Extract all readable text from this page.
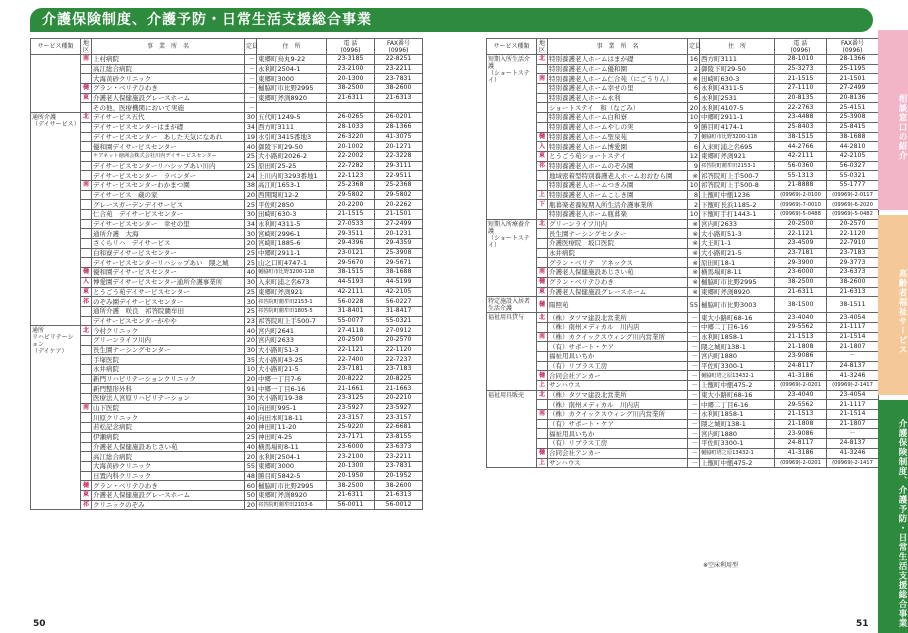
介護保険制度、介護予防・日常生活支援総合事業
サービス種類	地区	事　業　所　名	定員	住　所	電 話
(0996)	FAX番号
(0996)
	南	上村病院	－	東郷町鳥丸9-22	23-3185	22-8251
		高江総合病院	－	永利町2504-1	23-2100	23-2211
		大海黄砂クリニック	－	東郷町3000	20-1300	23-7831
	樋	グラン・ベリテひわき	－	樋脇町市比野2995	38-2500	38-2600
	東	介護老人保健施設グレースホーム	－	東郷町斧渕8920	21-6311	21-6313
		その他、医療機関において実施	－			
通所介護
（デイサービス）	北	デイサービス五代	30	五代町1249-5	26-0265	26-0201
		デイサービスセンターはまが礎	34	西方町3111	28-1033	28-1366
		デイサービスセンター　あした天気になあれ	19	水引町3415番地3	26-3220	41-3075
		優和園デイサービスセンター	40	御陵下町29-50	20-1002	20-1271
		ケアネット徳洲会株式会社川内デイサービスセンター	25	大小路町2026-2	22-2002	22-3228
		デイサービスセンターリハシップあい川内	25	原田町25-25	22-7282	29-3111
		デイサービスセンター　ラベンダー	24	上川内町3293番地1	22-1123	22-9511
	南	デイサービスセンターわかまつ園	38	高江町1653-1	25-2368	25-2368
		デイサービス　蔵の家	20	西開聞町12-2	29-5802	29-5802
		グレースガーデンデイサービス	25	平佐町2850	20-2200	20-2262
		仁合苑　デイサービスセンター	30	田崎町630-3	21-1515	21-1501
		デイサービスセンター　幸せの里	34	永利町4311-5	27-0533	27-2499
		通所介護　大海	30	宮崎町2996-1	29-3511	20-1231
		さくらリハ　デイサービス	20	宮崎町1885-6	29-4396	29-4359
		白和寮デイサービスセンター	25	中郷町2911-1	23-0121	25-3908
		デイサービスセンターリハシップあい　隈之城	25	山之口町4747-1	29-5670	29-5671
	樋	優和園デイサービスセンター	40	樋脇町市比野3200-118	38-1515	38-1688
	入	博愛園デイサービスセンター通所介護事業所	30	入来町浦之名673	44-5193	44-5199
	東	とうごう苑デイサービスセンター	25	東郷町斧渕921	42-2111	42-2105
	祁	のぞみ園デイサービスセンター	30	祁答院町藺牟田2153-1	56-0228	56-0227
		通所介護　咲良　祁答院藺牟田	25	祁答院町藺牟田1805-5	31-8401	31-8417
		デイサービスセンターがやや	23	祁答院町上手500-7	55-0077	55-0321
通所
リハビリテーション
（デイケア）	北	今村クリニック	40	宮内町2641	27-4118	27-0912
		グリーンライフ川内	20	宮内町2633	20-2500	20-2570
		長生園ナーシングセンター	30	大小路町51-3	22-1121	22-1120
		手塚医院	35	大小路町43-25	22-7400	22-7237
		永井病院	10	大小路町21-5	23-7181	23-7183
		新門リハビリテーションクリニック	20	中郷一丁目7-6	20-8222	20-8225
		新門整形外科	91	中郷一丁目6-16	21-1661	21-1663
		医療法人宮原リハビリテーション	30	大小路町19-38	23-3125	20-2210
	南	山下医院	10	向田町995-1	23-5927	23-5927
		川原クリニック	40	向田本町18-11	23-3157	23-3157
		若松記念病院	20	神田町11-20	25-9220	22-6681
		伊瀬病院	25	神田町4-25	23-7171	23-8155
		介護老人保健施設あじさい苑	40	横馬場町8-11	23-6000	23-6373
		高江総合病院	20	永利町2504-1	23-2100	23-2211
		大海黄砂クリニック	55	東郷町3000	20-1300	23-7831
		日置内科クリニック	48	勝目町5842-5	20-1950	20-1952
	樋	グラン・ベリテひわき	60	樋脇町市比野2995	38-2500	38-2600
	東	介護老人保健施設グレースホーム	50	東郷町斧渕8920	21-6311	21-6313
	祁	クリニックのぞみ	20	祁答院町藺牟田2103-6	56-0011	56-0012
サービス種類	地区	事　業　所　名	定員	住　所	電 話
(0996)	FAX番号
(0996)
短期入所生活介護
（ショートステイ）	北	特別養護老人ホームはまが礎	16	西方町3111	28-1010	28-1366
		特別養護老人ホーム優和園	2	御陵下町29-50	25-3273	25-1195
	南	特別養護老人ホーム仁合苑（にごうりん）	※	田崎町630-3	21-1515	21-1501
		特別養護老人ホーム幸せの里	6	永利町4311-5	27-1110	27-2499
		特別養護老人ホーム永利	6	永利町2531	20-8135	20-8136
		ショートステイ　和（なごみ）	20	永利町4107-5	22-2763	25-4151
		特別養護老人ホーム白和寮	10	中郷町2911-1	23-4488	25-3908
		特別養護老人ホームやしの実	9	勝目町4174-1	25-8403	25-8415
	樋	特別養護老人ホーム聖泉苑	7	樋脇町市比野3200-118	38-1515	38-1688
	入	特別養護老人ホーム博愛園	6	入来町浦之名695	44-2766	44-2810
	東	とうごう苑ショートステイ	12	東郷町斧渕921	42-2111	42-2105
	祁	特別養護老人ホームのぞみ園	9	祁答院町藺牟田2153-1	56-0360	56-0327
		地域密着型特別養護老人ホームおおむら園	※	祁答院町上手500-7	55-1313	55-0321
		特別養護老人ホームつきみ園	10	祁答院町上手500-8	21-8888	55-1777
	上	特別養護老人ホームこしき園	8	上甑町中甑1236	(09969)-2-0100	(09969)-2-0117
	下	瓶暮楽老養短期入所生活介護事業所	2	下甑町長浜1185-2	(09969)-7-0010	(09969)-6-2020
		特別養護老人ホーム瓶暮楽	10	下甑町手打1443-1	(09969)-5-0488	(09969)-5-0482
短期入所療養介護
（ショートステイ）	北	グリーンライフ川内	※	宮内町2633	20-2500	20-2570
		長生園ナーシングセンター	※	大小路町51-3	22-1121	22-1120
		介護医療院　坂口医院	※	大王町1-1	23-4509	22-7910
		永井病院	※	大小路町21-5	23-7181	23-7183
		グラン・ベリテ　アネックス	※	原田町18-1	29-3900	29-3773
	南	介護老人保健施設あじさい苑	※	横馬場町8-11	23-6000	23-6373
	樋	グラン・ベリテひわき	※	樋脇町市比野2995	38-2500	38-2600
	東	介護老人保健施設グレースホーム	※	東郷町斧渕8920	21-6311	21-6313
特定施設入居者生活介護	樋	陽照苑	55	樋脇町市比野3003	38-1500	38-1511
福祉用具貸与	北	（株）タツマ建設北営業所	－	東大小路町68-16	23-4040	23-4054
		（株）南州メディカル　川内店	－	中郷二丁目6-16	29-5562	21-1117
	南	（株）カクイックスウィング川内営業所	－	永利町1858-1	21-1513	21-1514
		（有）サポート・ケア	－	隈之城町138-1	21-1808	21-1807
		福祉用具いちか	－	宮内町1880	23-9086	－
		（有）リブラス工房	－	平佐町3300-1	24-8117	24-8137
	樋	合同会社アンカー	－	樋脇町塔之原13432-1	41-3186	41-3246
	上	サンハウス	－	上甑町中甑475-2	(09969)-2-0201	(09969)-2-1417
福祉用具販売	北	（株）タツマ建設北営業所	－	東大小路町68-16	23-4040	23-4054
		（株）南州メディカル　川内店	－	中郷二丁目6-16	29-5562	21-1117
	南	（株）カクイックスウィング川内営業所	－	永利町1858-1	21-1513	21-1514
		（有）サポート・ケア	－	隈之城町138-1	21-1808	21-1807
		福祉用具いちか	－	宮内町1880	23-9086	－
		（有）リブラス工房	－	平佐町3300-1	24-8117	24-8137
	樋	合同会社アンカー	－	樋脇町塔之原13432-1	41-3186	41-3246
	上	サンハウス	－	上甑町中甑475-2	(09969)-2-0201	(09969)-2-1417
※空床利用型
50	51
相談窓口の紹介
高齢者福祉サービス
介護保険制度、介護予防・日常生活支援総合事業
